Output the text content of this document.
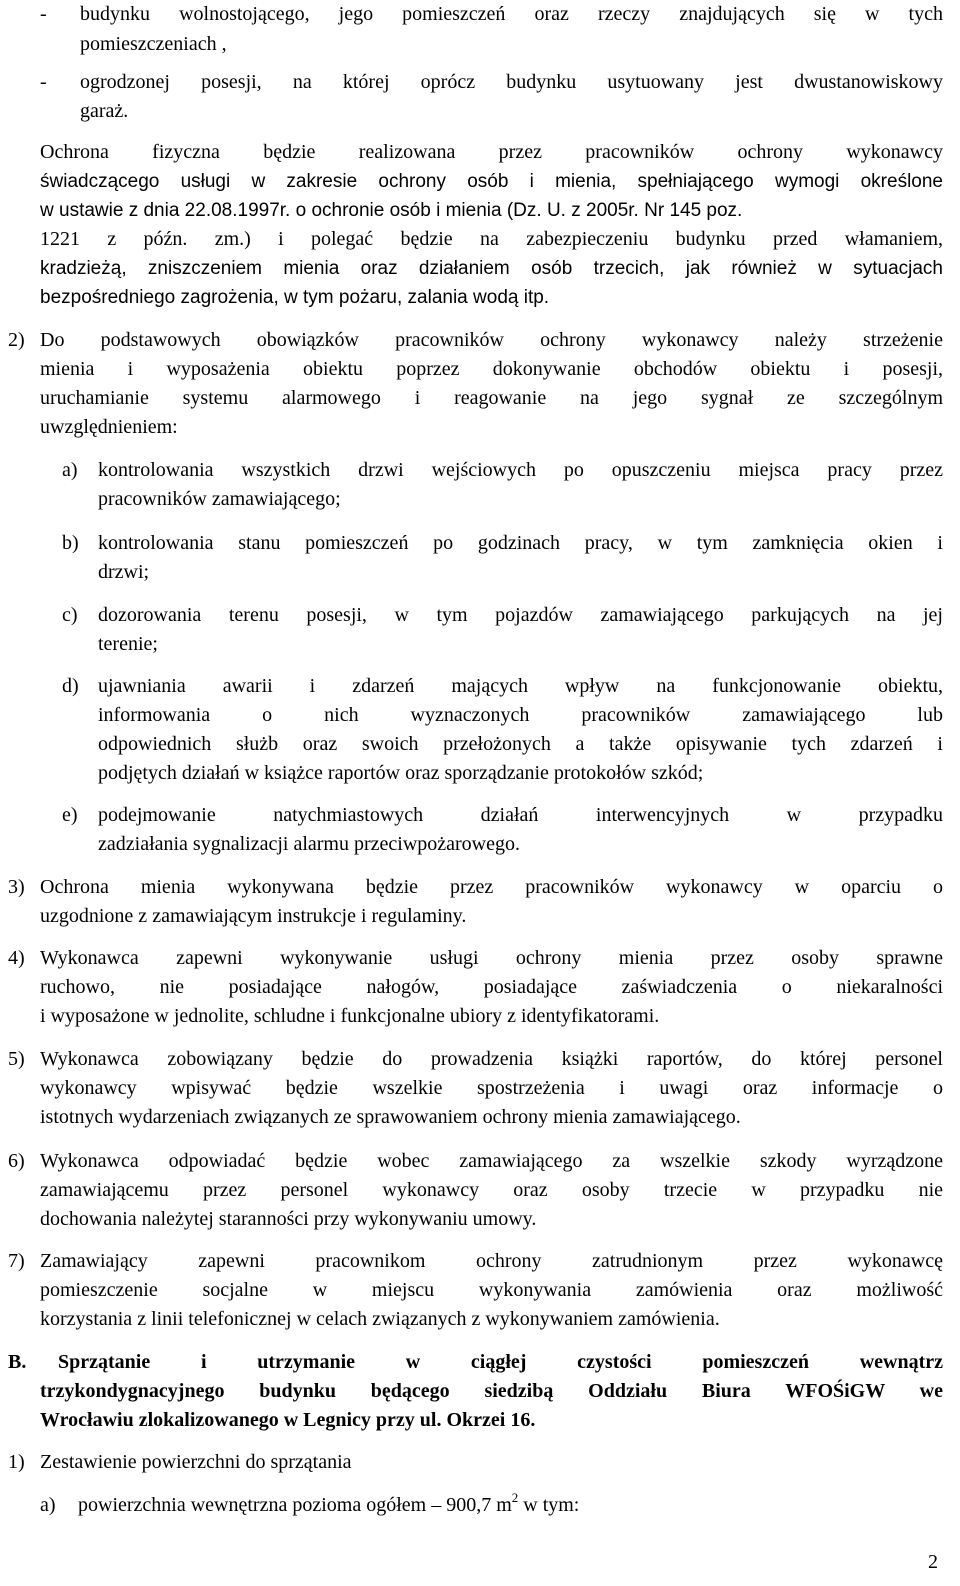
- budynku wolnostojącego, jego pomieszczeń oraz rzeczy znajdujących się w tych
pomieszczeniach ,
- ogrodzonej posesji, na której oprócz budynku usytuowany jest dwustanowiskowy
garaż.
Ochrona fizyczna będzie realizowana przez pracowników ochrony wykonawcy
świadczącego usługi w zakresie ochrony osób i mienia, spełniającego wymogi określone
w ustawie z dnia 22.08.1997r. o ochronie osób i mienia (Dz. U. z 2005r. Nr 145 poz.
1221 z późn. zm.) i polegać będzie na zabezpieczeniu budynku przed włamaniem,
kradzieżą, zniszczeniem mienia oraz działaniem osób trzecich, jak również w sytuacjach
bezpośredniego zagrożenia, w tym pożaru, zalania wodą itp.
2) Do podstawowych obowiązków pracowników ochrony wykonawcy należy strzeżenie
mienia i wyposażenia obiektu poprzez dokonywanie obchodów obiektu i posesji,
uruchamianie systemu alarmowego i reagowanie na jego sygnał ze szczególnym
uwzględnieniem:
a) kontrolowania wszystkich drzwi wejściowych po opuszczeniu miejsca pracy przez
pracowników zamawiającego;
b) kontrolowania stanu pomieszczeń po godzinach pracy, w tym zamknięcia okien i
drzwi;
c) dozorowania terenu posesji, w tym pojazdów zamawiającego parkujących na jej
terenie;
d) ujawniania awarii i zdarzeń mających wpływ na funkcjonowanie obiektu,
informowania o nich wyznaczonych pracowników zamawiającego lub
odpowiednich służb oraz swoich przełożonych a także opisywanie tych zdarzeń i
podjętych działań w książce raportów oraz sporządzanie protokołów szkód;
e) podejmowanie natychmiastowych działań interwencyjnych w przypadku
zadziałania sygnalizacji alarmu przeciwpożarowego.
3) Ochrona mienia wykonywana będzie przez pracowników wykonawcy w oparciu o
uzgodnione z zamawiającym instrukcje i regulaminy.
4) Wykonawca zapewni wykonywanie usługi ochrony mienia przez osoby sprawne
ruchowo, nie posiadające nałogów, posiadające zaświadczenia o niekaralności
i wyposażone w jednolite, schludne i funkcjonalne ubiory z identyfikatorami.
5) Wykonawca zobowiązany będzie do prowadzenia książki raportów, do której personel
wykonawcy wpisywać będzie wszelkie spostrzeżenia i uwagi oraz informacje o
istotnych wydarzeniach związanych ze sprawowaniem ochrony mienia zamawiającego.
6) Wykonawca odpowiadać będzie wobec zamawiającego za wszelkie szkody wyrządzone
zamawiającemu przez personel wykonawcy oraz osoby trzecie w przypadku nie
dochowania należytej staranności przy wykonywaniu umowy.
7) Zamawiający zapewni pracownikom ochrony zatrudnionym przez wykonawcę
pomieszczenie socjalne w miejscu wykonywania zamówienia oraz możliwość
korzystania z linii telefonicznej w celach związanych z wykonywaniem zamówienia.
B. Sprzątanie i utrzymanie w ciągłej czystości pomieszczeń wewnątrz
trzykondygnacyjnego budynku będącego siedzibą Oddziału Biura WFOŚiGW we
Wrocławiu zlokalizowanego w Legnicy przy ul. Okrzei 16.
1) Zestawienie powierzchni do sprzątania
a) powierzchnia wewnętrzna pozioma ogółem – 900,7 $m^2$ w tym:
2
